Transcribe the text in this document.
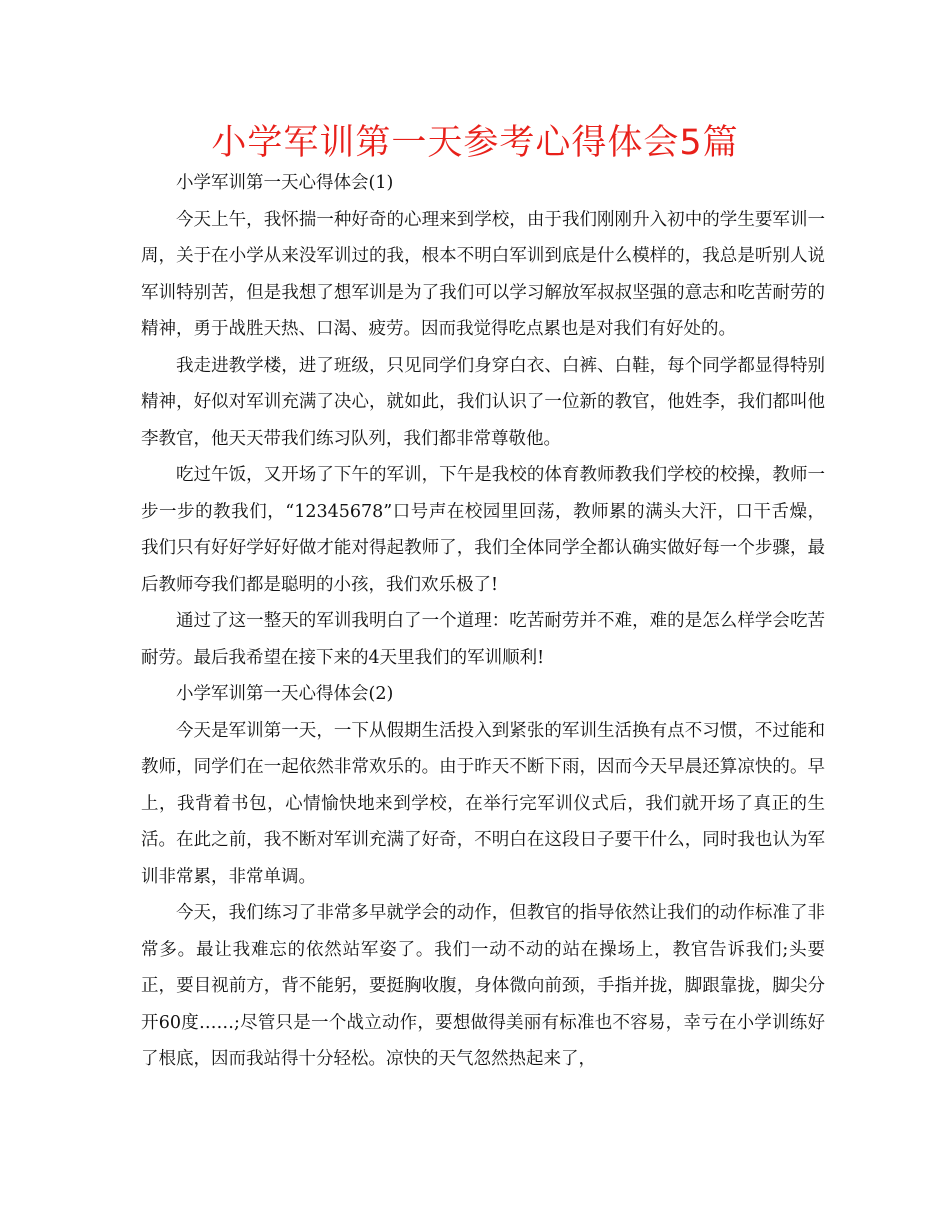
小学军训第一天参考心得体会5篇

小学军训第一天心得体会(1)

今天上午，我怀揣一种好奇的心理来到学校，由于我们刚刚升入初中的学生要军训一周，关于在小学从来没军训过的我，根本不明白军训到底是什么模样的，我总是听别人说军训特别苦，但是我想了想军训是为了我们可以学习解放军叔叔坚强的意志和吃苦耐劳的精神，勇于战胜天热、口渴、疲劳。因而我觉得吃点累也是对我们有好处的。

我走进教学楼，进了班级，只见同学们身穿白衣、白裤、白鞋，每个同学都显得特别精神，好似对军训充满了决心，就如此，我们认识了一位新的教官，他姓李，我们都叫他李教官，他天天带我们练习队列，我们都非常尊敬他。

吃过午饭，又开场了下午的军训，下午是我校的体育教师教我们学校的校操，教师一步一步的教我们，“12345678”口号声在校园里回荡，教师累的满头大汗，口干舌燥，我们只有好好学好好做才能对得起教师了，我们全体同学全都认确实做好每一个步骤，最后教师夸我们都是聪明的小孩，我们欢乐极了!

通过了这一整天的军训我明白了一个道理：吃苦耐劳并不难，难的是怎么样学会吃苦耐劳。最后我希望在接下来的4天里我们的军训顺利!

小学军训第一天心得体会(2)

今天是军训第一天，一下从假期生活投入到紧张的军训生活换有点不习惯，不过能和教师，同学们在一起依然非常欢乐的。由于昨天不断下雨，因而今天早晨还算凉快的。早上，我背着书包，心情愉快地来到学校，在举行完军训仪式后，我们就开场了真正的生活。在此之前，我不断对军训充满了好奇，不明白在这段日子要干什么，同时我也认为军训非常累，非常单调。

今天，我们练习了非常多早就学会的动作，但教官的指导依然让我们的动作标准了非常多。最让我难忘的依然站军姿了。我们一动不动的站在操场上，教官告诉我们;头要正，要目视前方，背不能躬，要挺胸收腹，身体微向前颈，手指并拢，脚跟靠拢，脚尖分开60度……;尽管只是一个战立动作，要想做得美丽有标准也不容易，幸亏在小学训练好了根底，因而我站得十分轻松。凉快的天气忽然热起来了，
